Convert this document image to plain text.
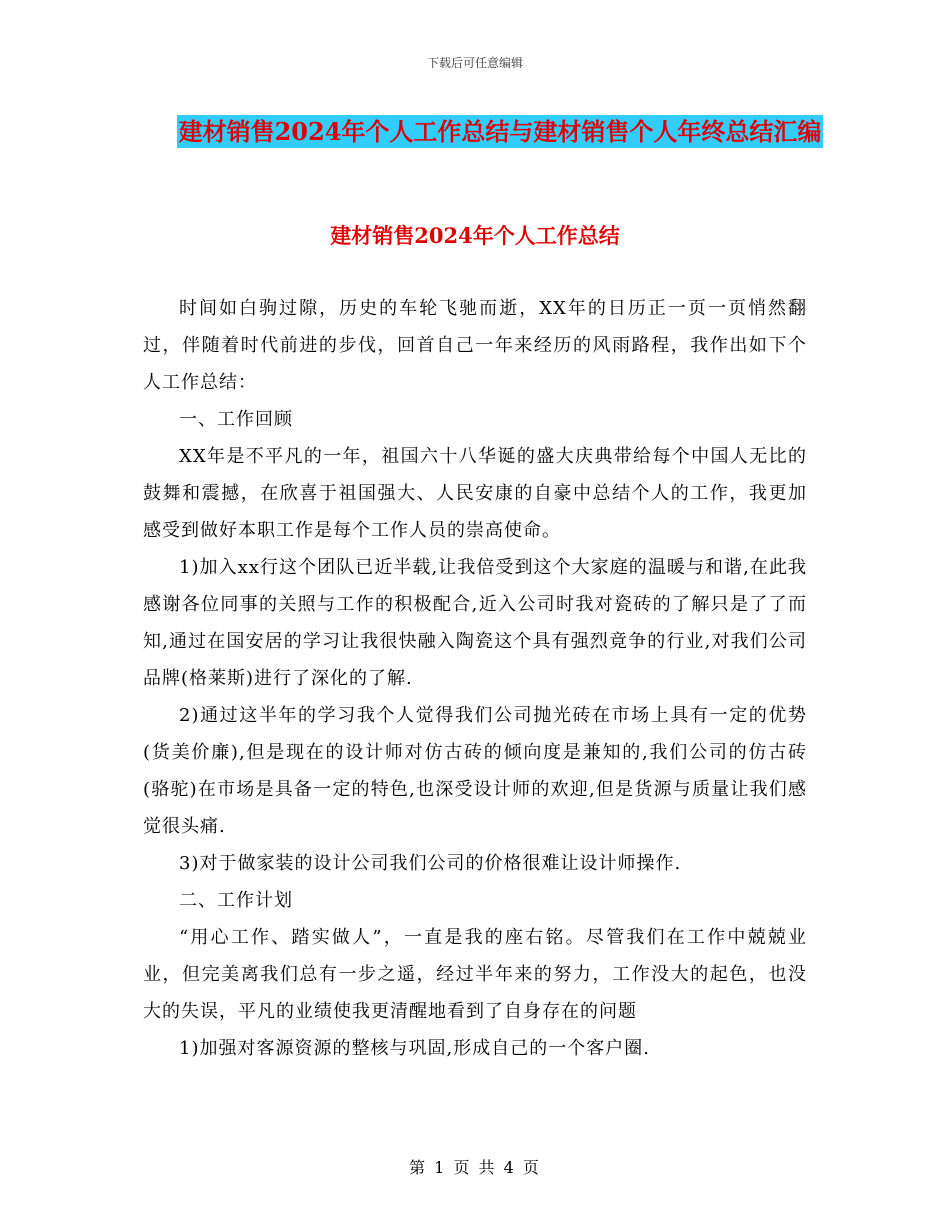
下载后可任意编辑
建材销售2024年个人工作总结与建材销售个人年终总结汇编
建材销售2024年个人工作总结

时间如白驹过隙，历史的车轮飞驰而逝，XX年的日历正一页一页悄然翻过，伴随着时代前进的步伐，回首自己一年来经历的风雨路程，我作出如下个人工作总结：

一、工作回顾

XX年是不平凡的一年，祖国六十八华诞的盛大庆典带给每个中国人无比的鼓舞和震撼，在欣喜于祖国强大、人民安康的自豪中总结个人的工作，我更加感受到做好本职工作是每个工作人员的崇高使命。

1)加入xx行这个团队已近半载,让我倍受到这个大家庭的温暖与和谐,在此我感谢各位同事的关照与工作的积极配合,近入公司时我对瓷砖的了解只是了了而知,通过在国安居的学习让我很快融入陶瓷这个具有强烈竟争的行业,对我们公司品牌(格莱斯)进行了深化的了解.

2)通过这半年的学习我个人觉得我们公司抛光砖在市场上具有一定的优势(货美价廉),但是现在的设计师对仿古砖的倾向度是兼知的,我们公司的仿古砖(骆驼)在市场是具备一定的特色,也深受设计师的欢迎,但是货源与质量让我们感觉很头痛.

3)对于做家装的设计公司我们公司的价格很难让设计师操作.

二、工作计划

“用心工作、踏实做人”，一直是我的座右铭。尽管我们在工作中兢兢业业，但完美离我们总有一步之遥，经过半年来的努力，工作没大的起色，也没大的失误，平凡的业绩使我更清醒地看到了自身存在的问题

1)加强对客源资源的整核与巩固,形成自己的一个客户圈.

第 1 页 共 4 页
